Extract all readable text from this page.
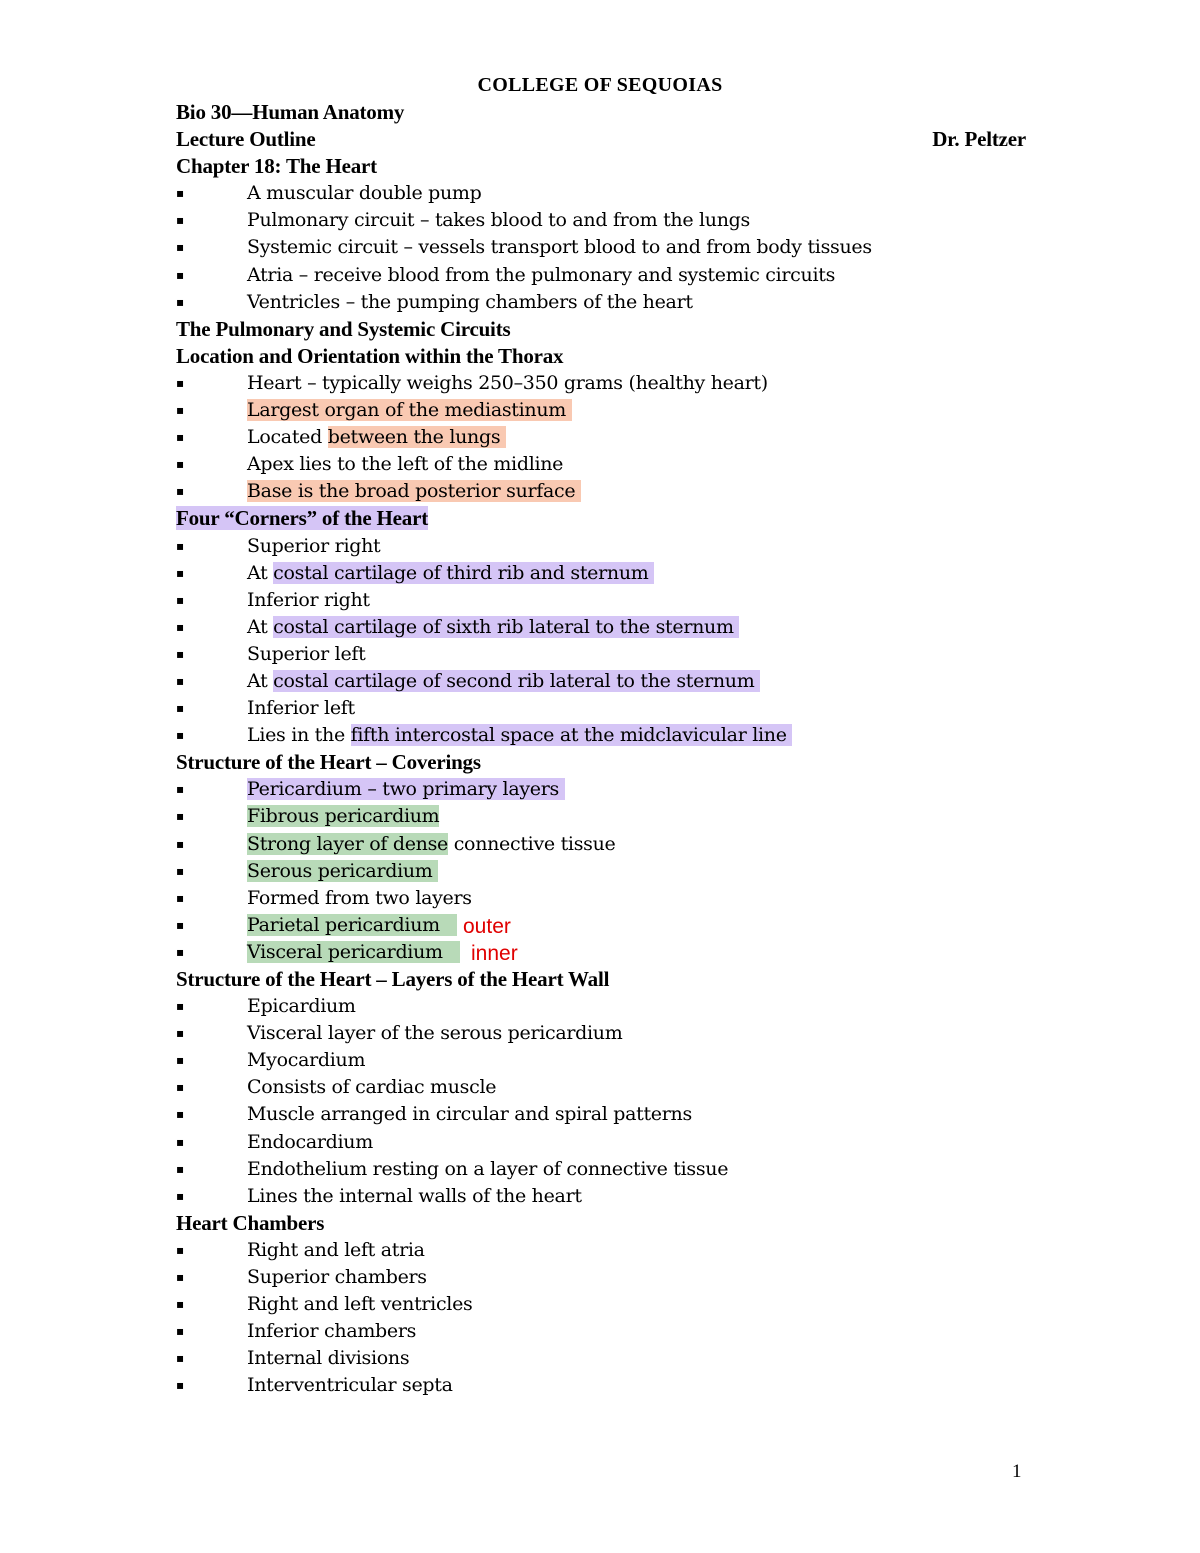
COLLEGE OF SEQUOIAS
Bio 30—Human Anatomy
Lecture Outline	Dr. Peltzer
Chapter 18: The Heart
▪	A muscular double pump
▪	Pulmonary circuit – takes blood to and from the lungs
▪	Systemic circuit – vessels transport blood to and from body tissues
▪	Atria – receive blood from the pulmonary and systemic circuits
▪	Ventricles – the pumping chambers of the heart
The Pulmonary and Systemic Circuits
Location and Orientation within the Thorax
▪	Heart – typically weighs 250–350 grams (healthy heart)
▪	Largest organ of the mediastinum
▪	Located between the lungs
▪	Apex lies to the left of the midline
▪	Base is the broad posterior surface
Four “Corners” of the Heart
▪	Superior right
▪	At costal cartilage of third rib and sternum
▪	Inferior right
▪	At costal cartilage of sixth rib lateral to the sternum
▪	Superior left
▪	At costal cartilage of second rib lateral to the sternum
▪	Inferior left
▪	Lies in the fifth intercostal space at the midclavicular line
Structure of the Heart – Coverings
▪	Pericardium – two primary layers
▪	Fibrous pericardium
▪	Strong layer of dense connective tissue
▪	Serous pericardium
▪	Formed from two layers
▪	Parietal pericardium outer
▪	Visceral pericardium inner
Structure of the Heart – Layers of the Heart Wall
▪	Epicardium
▪	Visceral layer of the serous pericardium
▪	Myocardium
▪	Consists of cardiac muscle
▪	Muscle arranged in circular and spiral patterns
▪	Endocardium
▪	Endothelium resting on a layer of connective tissue
▪	Lines the internal walls of the heart
Heart Chambers
▪	Right and left atria
▪	Superior chambers
▪	Right and left ventricles
▪	Inferior chambers
▪	Internal divisions
▪	Interventricular septa
1
